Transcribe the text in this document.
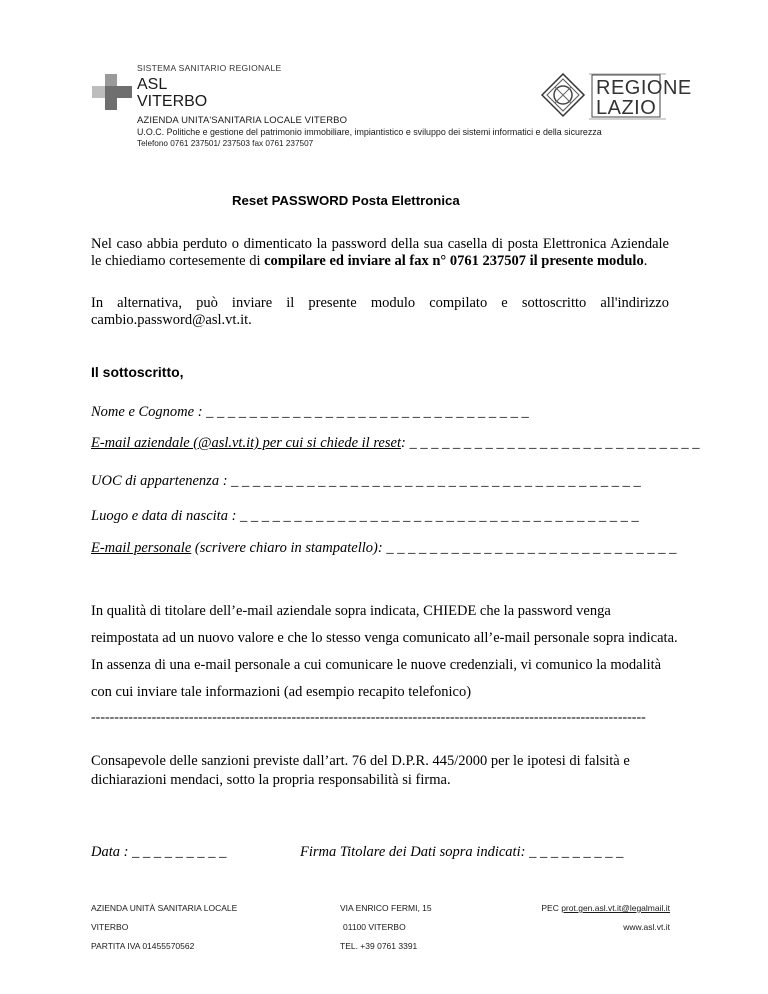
SISTEMA SANITARIO REGIONALE
ASL
VITERBO
AZIENDA UNITA'SANITARIA LOCALE VITERBO
U.O.C. Politiche e gestione del patrimonio immobiliare, impiantistico e sviluppo dei sistemi informatici e della sicurezza
Telefono 0761 237501/ 237503 fax 0761 237507
REGIONE
LAZIO
Reset PASSWORD Posta Elettronica
Nel caso abbia perduto o dimenticato la password della sua casella di posta Elettronica Aziendale le chiediamo cortesemente di compilare ed inviare al fax n° 0761 237507 il presente modulo.
In alternativa, può inviare il presente modulo compilato e sottoscritto all'indirizzo cambio.password@asl.vt.it.
Il sottoscritto,
Nome e Cognome : _ _ _ _ _ _ _ _ _ _ _ _ _ _ _ _ _ _ _ _ _ _ _ _ _ _ _ _ _ _
E-mail aziendale (@asl.vt.it) per cui si chiede il reset: _ _ _ _ _ _ _ _ _ _ _ _ _ _ _ _ _ _ _ _ _ _ _ _ _ _ _
UOC di appartenenza : _ _ _ _ _ _ _ _ _ _ _ _ _ _ _ _ _ _ _ _ _ _ _ _ _ _ _ _ _ _ _ _ _ _ _ _ _ _
Luogo e data di nascita : _ _ _ _ _ _ _ _ _ _ _ _ _ _ _ _ _ _ _ _ _ _ _ _ _ _ _ _ _ _ _ _ _ _ _ _ _
E-mail personale (scrivere chiaro in stampatello): _ _ _ _ _ _ _ _ _ _ _ _ _ _ _ _ _ _ _ _ _ _ _ _ _ _ _
In qualità di titolare dell’e-mail aziendale sopra indicata, CHIEDE che la password venga reimpostata ad un nuovo valore e che lo stesso venga comunicato all’e-mail personale sopra indicata. In assenza di una e-mail personale a cui comunicare le nuove credenziali, vi comunico la modalità con cui inviare tale informazioni (ad esempio recapito telefonico)
-----------------------------------------------------------------------------------------------------------------------
Consapevole delle sanzioni previste dall’art. 76 del D.P.R. 445/2000 per le ipotesi di falsità e dichiarazioni mendaci, sotto la propria responsabilità si firma.
Data : _ _ _ _ _ _ _ _ _	Firma Titolare dei Dati sopra indicati: _ _ _ _ _ _ _ _ _
AZIENDA UNITÀ SANITARIA LOCALE
VITERBO
PARTITA IVA 01455570562
VIA ENRICO FERMI, 15
01100 VITERBO
TEL. +39 0761 3391
PEC prot.gen.asl.vt.it@legalmail.it
www.asl.vt.it
